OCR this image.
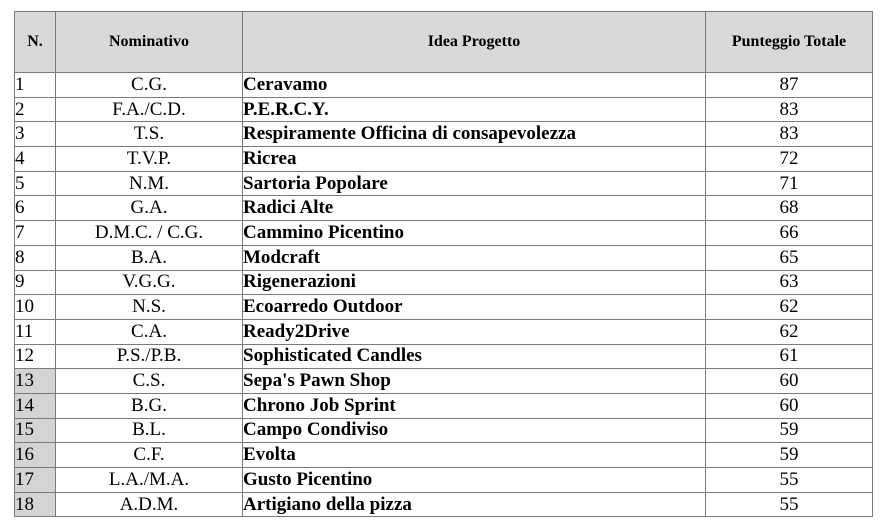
N.	Nominativo	Idea Progetto	Punteggio Totale
1	C.G.	Ceravamo	87
2	F.A./C.D.	P.E.R.C.Y.	83
3	T.S.	Respiramente Officina di consapevolezza	83
4	T.V.P.	Ricrea	72
5	N.M.	Sartoria Popolare	71
6	G.A.	Radici Alte	68
7	D.M.C. / C.G.	Cammino Picentino	66
8	B.A.	Modcraft	65
9	V.G.G.	Rigenerazioni	63
10	N.S.	Ecoarredo Outdoor	62
11	C.A.	Ready2Drive	62
12	P.S./P.B.	Sophisticated Candles	61
13	C.S.	Sepa's Pawn Shop	60
14	B.G.	Chrono Job Sprint	60
15	B.L.	Campo Condiviso	59
16	C.F.	Evolta	59
17	L.A./M.A.	Gusto Picentino	55
18	A.D.M.	Artigiano della pizza	55
